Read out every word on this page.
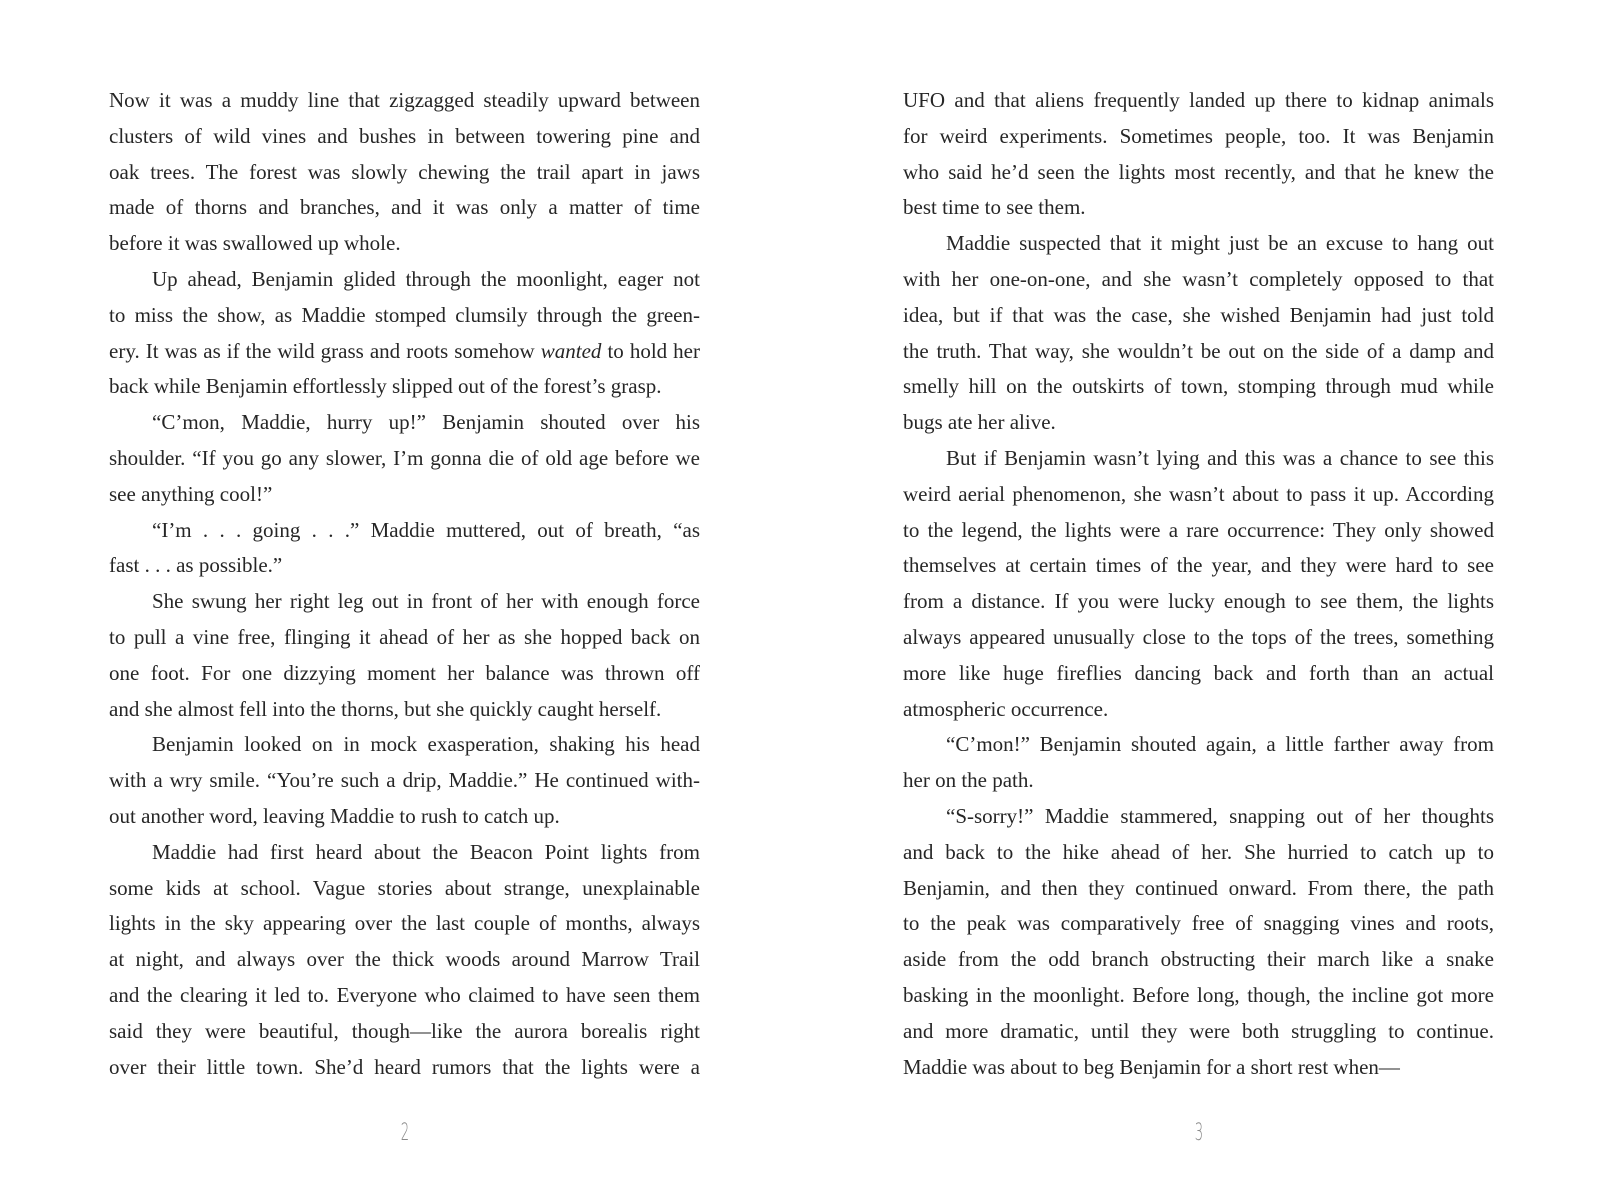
Now it was a muddy line that zigzagged steadily upward between
clusters of wild vines and bushes in between towering pine and
oak trees. The forest was slowly chewing the trail apart in jaws
made of thorns and branches, and it was only a matter of time
before it was swallowed up whole.
Up ahead, Benjamin glided through the moonlight, eager not
to miss the show, as Maddie stomped clumsily through the green-
ery. It was as if the wild grass and roots somehow wanted to hold her
back while Benjamin effortlessly slipped out of the forest’s grasp.
“C’mon, Maddie, hurry up!” Benjamin shouted over his
shoulder. “If you go any slower, I’m gonna die of old age before we
see anything cool!”
“I’m . . . going . . .” Maddie muttered, out of breath, “as
fast . . . as possible.”
She swung her right leg out in front of her with enough force
to pull a vine free, flinging it ahead of her as she hopped back on
one foot. For one dizzying moment her balance was thrown off
and she almost fell into the thorns, but she quickly caught herself.
Benjamin looked on in mock exasperation, shaking his head
with a wry smile. “You’re such a drip, Maddie.” He continued with-
out another word, leaving Maddie to rush to catch up.
Maddie had first heard about the Beacon Point lights from
some kids at school. Vague stories about strange, unexplainable
lights in the sky appearing over the last couple of months, always
at night, and always over the thick woods around Marrow Trail
and the clearing it led to. Everyone who claimed to have seen them
said they were beautiful, though—like the aurora borealis right
over their little town. She’d heard rumors that the lights were a
2
UFO and that aliens frequently landed up there to kidnap animals
for weird experiments. Sometimes people, too. It was Benjamin
who said he’d seen the lights most recently, and that he knew the
best time to see them.
Maddie suspected that it might just be an excuse to hang out
with her one-on-one, and she wasn’t completely opposed to that
idea, but if that was the case, she wished Benjamin had just told
the truth. That way, she wouldn’t be out on the side of a damp and
smelly hill on the outskirts of town, stomping through mud while
bugs ate her alive.
But if Benjamin wasn’t lying and this was a chance to see this
weird aerial phenomenon, she wasn’t about to pass it up. According
to the legend, the lights were a rare occurrence: They only showed
themselves at certain times of the year, and they were hard to see
from a distance. If you were lucky enough to see them, the lights
always appeared unusually close to the tops of the trees, something
more like huge fireflies dancing back and forth than an actual
atmospheric occurrence.
“C’mon!” Benjamin shouted again, a little farther away from
her on the path.
“S-sorry!” Maddie stammered, snapping out of her thoughts
and back to the hike ahead of her. She hurried to catch up to
Benjamin, and then they continued onward. From there, the path
to the peak was comparatively free of snagging vines and roots,
aside from the odd branch obstructing their march like a snake
basking in the moonlight. Before long, though, the incline got more
and more dramatic, until they were both struggling to continue.
Maddie was about to beg Benjamin for a short rest when—
3
